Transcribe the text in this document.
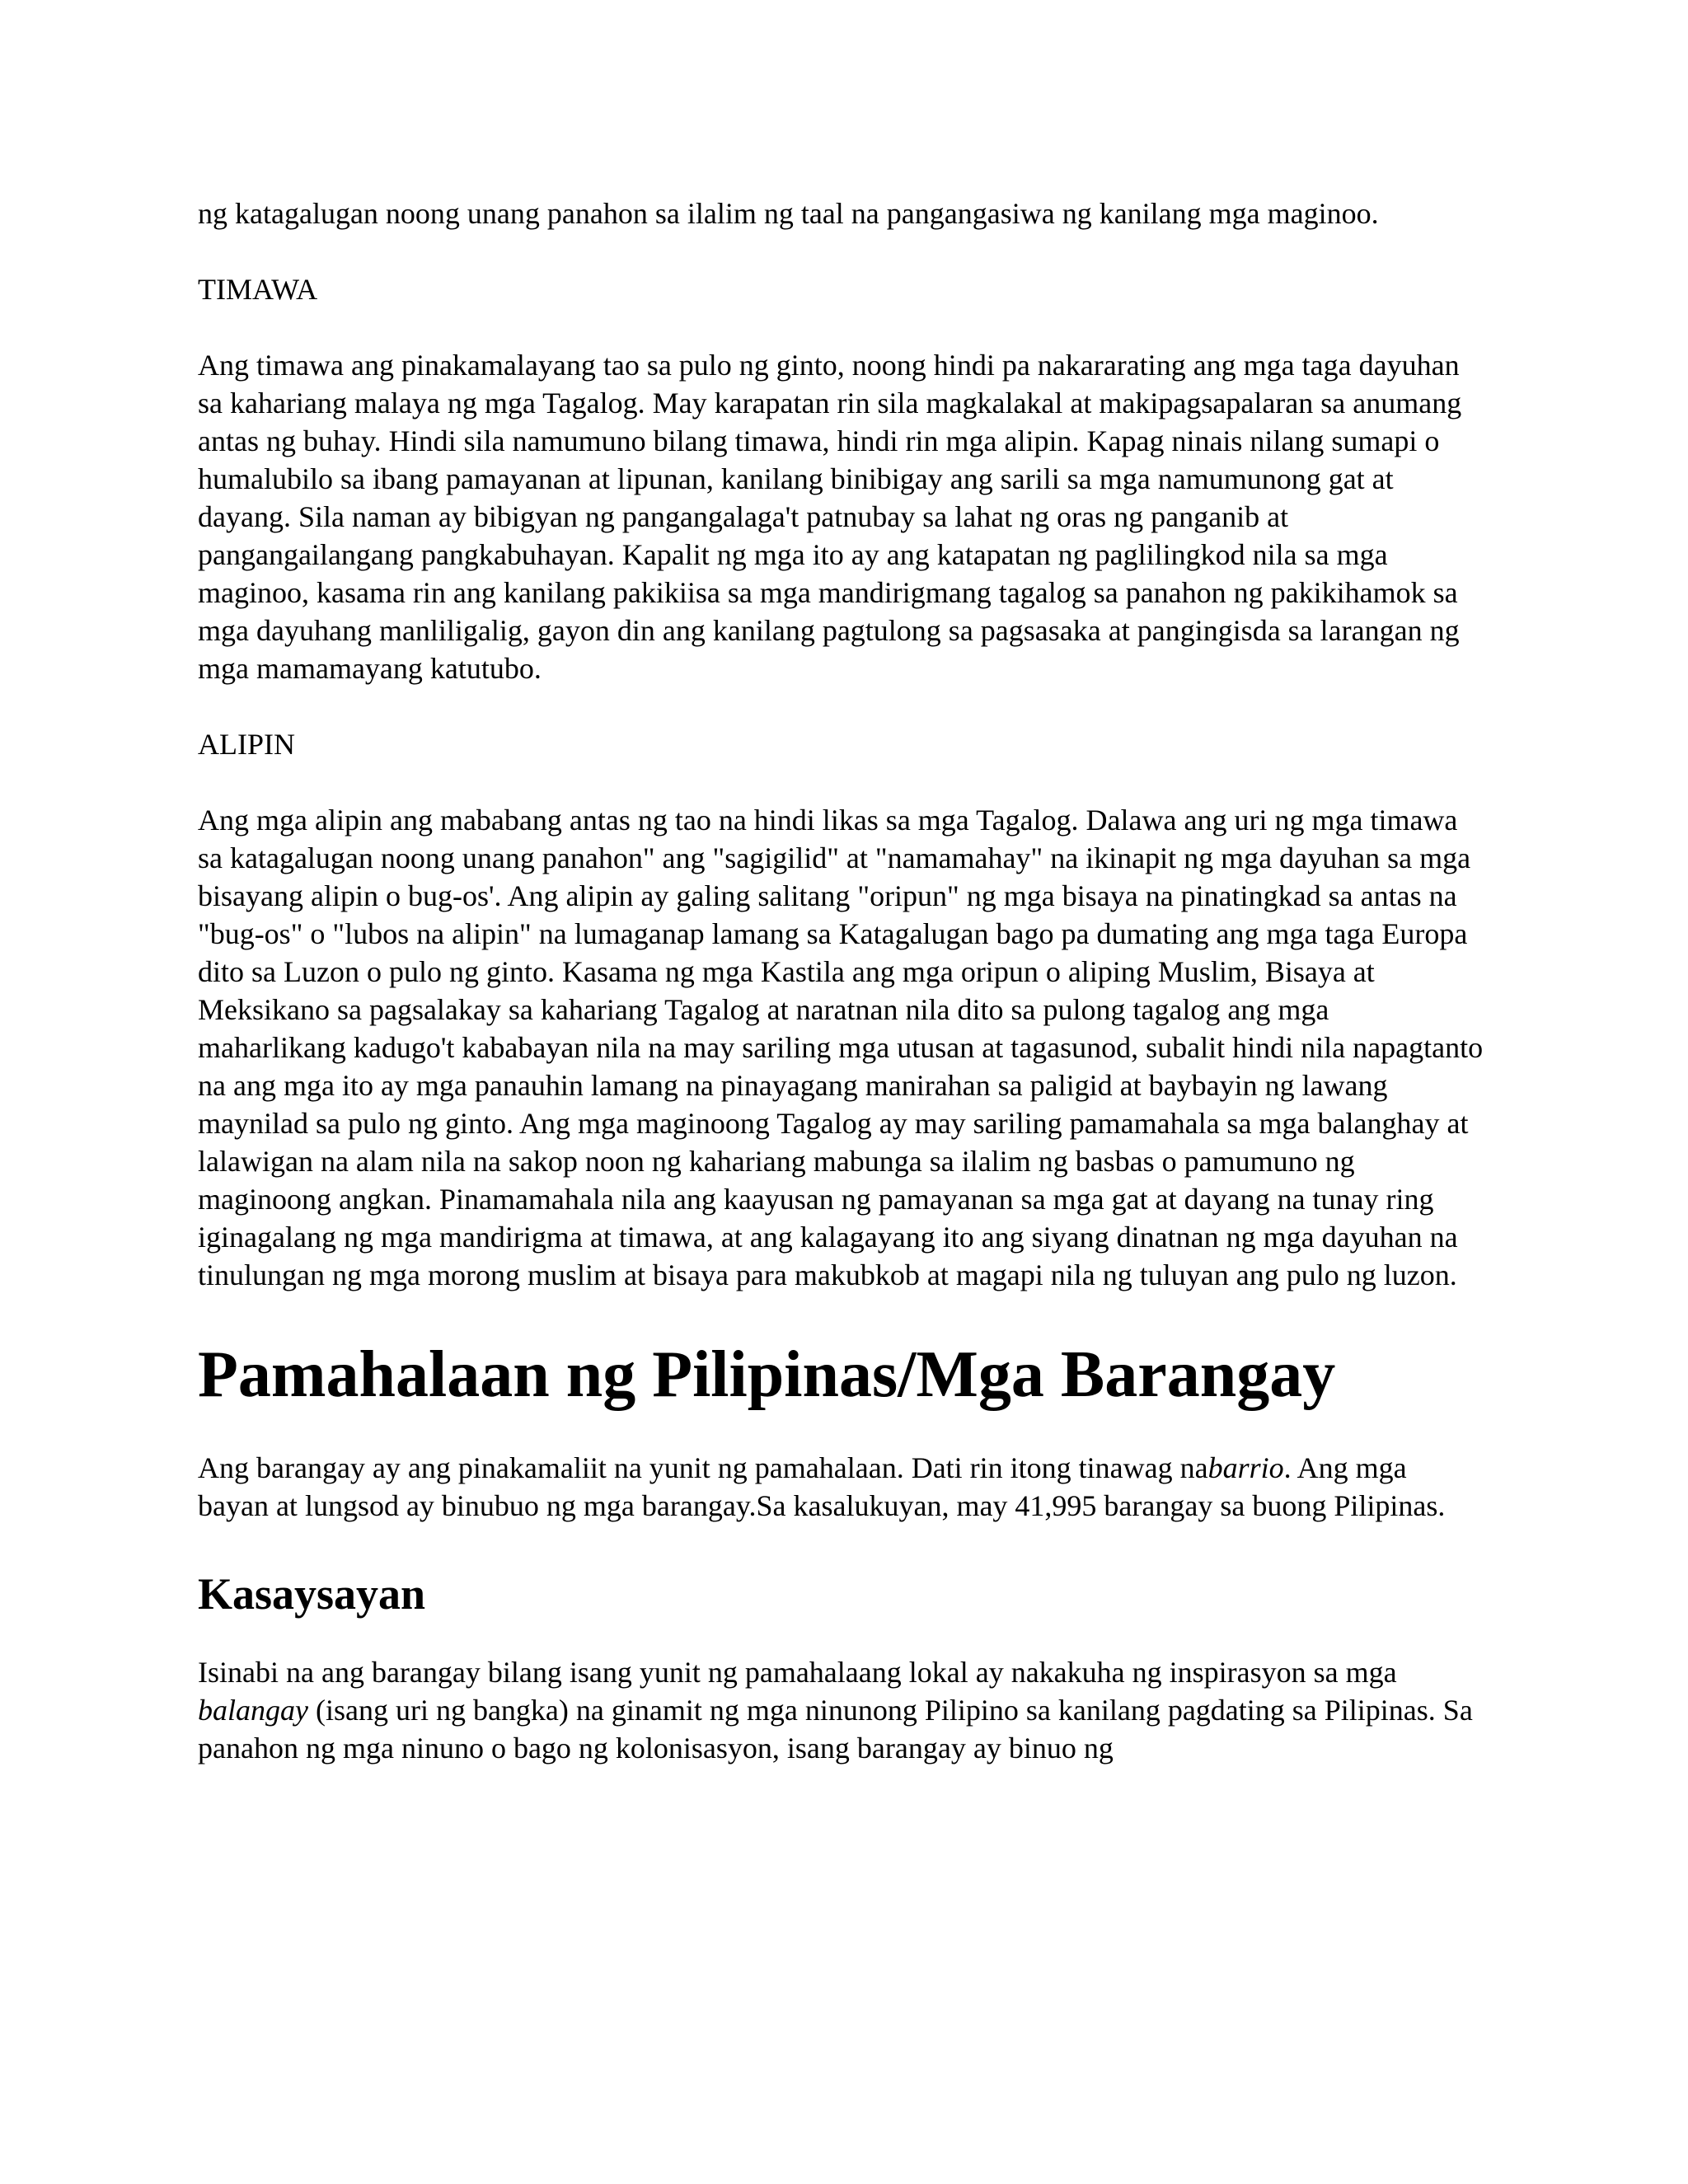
ng katagalugan noong unang panahon sa ilalim ng taal na pangangasiwa ng kanilang mga maginoo.

TIMAWA

Ang timawa ang pinakamalayang tao sa pulo ng ginto, noong hindi pa nakararating ang mga taga dayuhan sa kahariang malaya ng mga Tagalog. May karapatan rin sila magkalakal at makipagsapalaran sa anumang antas ng buhay. Hindi sila namumuno bilang timawa, hindi rin mga alipin. Kapag ninais nilang sumapi o humalubilo sa ibang pamayanan at lipunan, kanilang binibigay ang sarili sa mga namumunong gat at dayang. Sila naman ay bibigyan ng pangangalaga't patnubay sa lahat ng oras ng panganib at pangangailangang pangkabuhayan. Kapalit ng mga ito ay ang katapatan ng paglilingkod nila sa mga maginoo, kasama rin ang kanilang pakikiisa sa mga mandirigmang tagalog sa panahon ng pakikihamok sa mga dayuhang manliligalig, gayon din ang kanilang pagtulong sa pagsasaka at pangingisda sa larangan ng mga mamamayang katutubo.

ALIPIN

Ang mga alipin ang mababang antas ng tao na hindi likas sa mga Tagalog. Dalawa ang uri ng mga timawa sa katagalugan noong unang panahon" ang "sagigilid" at "namamahay" na ikinapit ng mga dayuhan sa mga bisayang alipin o bug-os'. Ang alipin ay galing salitang "oripun" ng mga bisaya na pinatingkad sa antas na "bug-os" o "lubos na alipin" na lumaganap lamang sa Katagalugan bago pa dumating ang mga taga Europa dito sa Luzon o pulo ng ginto. Kasama ng mga Kastila ang mga oripun o aliping Muslim, Bisaya at Meksikano sa pagsalakay sa kahariang Tagalog at naratnan nila dito sa pulong tagalog ang mga maharlikang kadugo't kababayan nila na may sariling mga utusan at tagasunod, subalit hindi nila napagtanto na ang mga ito ay mga panauhin lamang na pinayagang manirahan sa paligid at baybayin ng lawang maynilad sa pulo ng ginto. Ang mga maginoong Tagalog ay may sariling pamamahala sa mga balanghay at lalawigan na alam nila na sakop noon ng kahariang mabunga sa ilalim ng basbas o pamumuno ng maginoong angkan. Pinamamahala nila ang kaayusan ng pamayanan sa mga gat at dayang na tunay ring iginagalang ng mga mandirigma at timawa, at ang kalagayang ito ang siyang dinatnan ng mga dayuhan na tinulungan ng mga morong muslim at bisaya para makubkob at magapi nila ng tuluyan ang pulo ng luzon.

Pamahalaan ng Pilipinas/Mga Barangay

Ang barangay ay ang pinakamaliit na yunit ng pamahalaan. Dati rin itong tinawag nabarrio. Ang mga bayan at lungsod ay binubuo ng mga barangay.Sa kasalukuyan, may 41,995 barangay sa buong Pilipinas.

Kasaysayan

Isinabi na ang barangay bilang isang yunit ng pamahalaang lokal ay nakakuha ng inspirasyon sa mga balangay (isang uri ng bangka) na ginamit ng mga ninunong Pilipino sa kanilang pagdating sa Pilipinas. Sa panahon ng mga ninuno o bago ng kolonisasyon, isang barangay ay binuo ng
